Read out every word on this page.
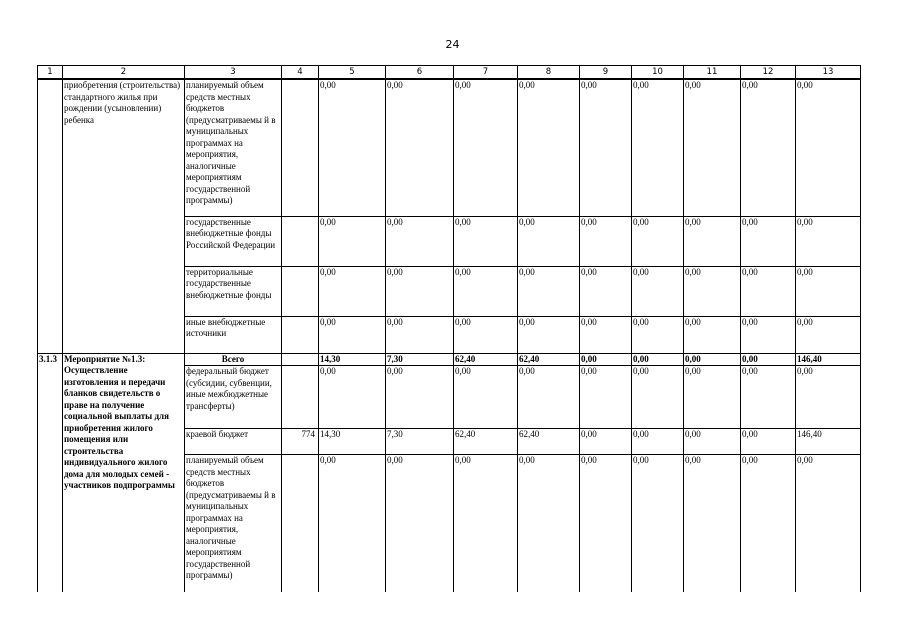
24
1	2	3	4	5	6	7	8	9	10	11	12	13
	приобретения (строительства) стандартного жилья при рождении (усыновлении) ребенка	планируемый объем средств местных бюджетов (предусматриваемы й в муниципальных программах на мероприятия, аналогичные мероприятиям государственной программы)		0,00	0,00	0,00	0,00	0,00	0,00	0,00	0,00	0,00
		государственные внебюджетные фонды Российской Федерации		0,00	0,00	0,00	0,00	0,00	0,00	0,00	0,00	0,00
		территориальные государственные внебюджетные фонды		0,00	0,00	0,00	0,00	0,00	0,00	0,00	0,00	0,00
		иные внебюджетные источники		0,00	0,00	0,00	0,00	0,00	0,00	0,00	0,00	0,00
3.1.3	Мероприятие №1.3: Осуществление изготовления и передачи бланков свидетельств о праве на получение социальной выплаты для приобретения жилого помещения или строительства индивидуального жилого дома для молодых семей - участников подпрограммы	Всего		14,30	7,30	62,40	62,40	0,00	0,00	0,00	0,00	146,40
		федеральный бюджет (субсидии, субвенции, иные межбюджетные трансферты)		0,00	0,00	0,00	0,00	0,00	0,00	0,00	0,00	0,00
		краевой бюджет	774	14,30	7,30	62,40	62,40	0,00	0,00	0,00	0,00	146,40
		планируемый объем средств местных бюджетов (предусматриваемы й в муниципальных программах на мероприятия, аналогичные мероприятиям государственной программы)		0,00	0,00	0,00	0,00	0,00	0,00	0,00	0,00	0,00
